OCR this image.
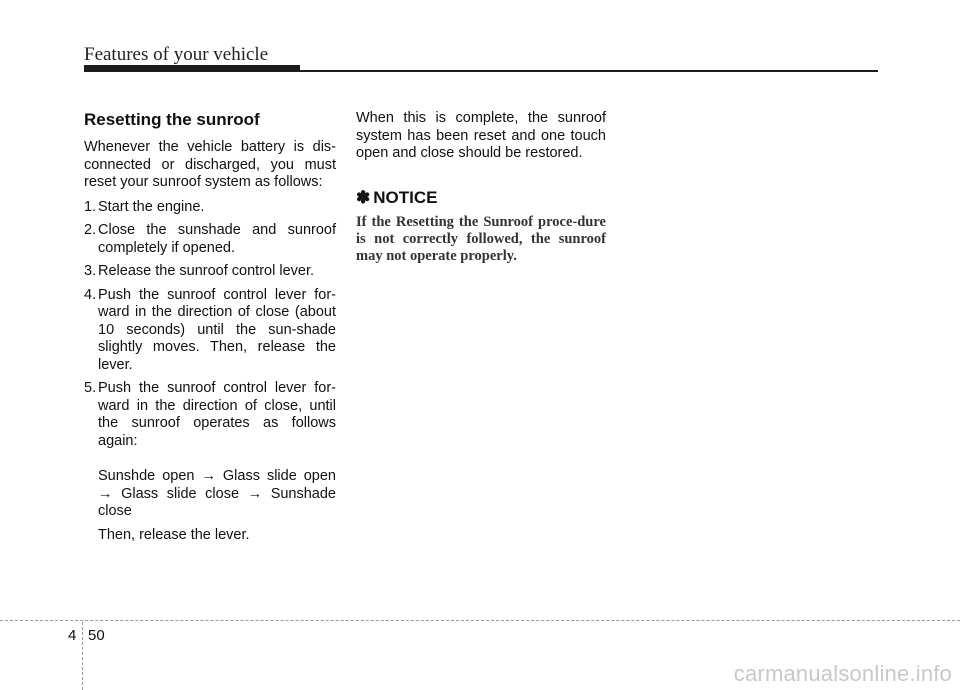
Features of your vehicle
Resetting the sunroof
Whenever the vehicle battery is dis-connected or discharged, you must reset your sunroof system as follows:
1. Start the engine.
2. Close the sunshade and sunroof completely if opened.
3. Release the sunroof control lever.
4. Push the sunroof control lever for-ward in the direction of close (about 10 seconds) until the sun-shade slightly moves. Then, release the lever.
5. Push the sunroof control lever for-ward in the direction of close, until the sunroof operates as follows again:
Sunshde open → Glass slide open → Glass slide close → Sunshade close
Then, release the lever.
When this is complete, the sunroof system has been reset and one touch open and close should be restored.
✽ NOTICE
If the Resetting the Sunroof proce-dure is not correctly followed, the sunroof may not operate properly.
4 50
carmanualsonline.info
